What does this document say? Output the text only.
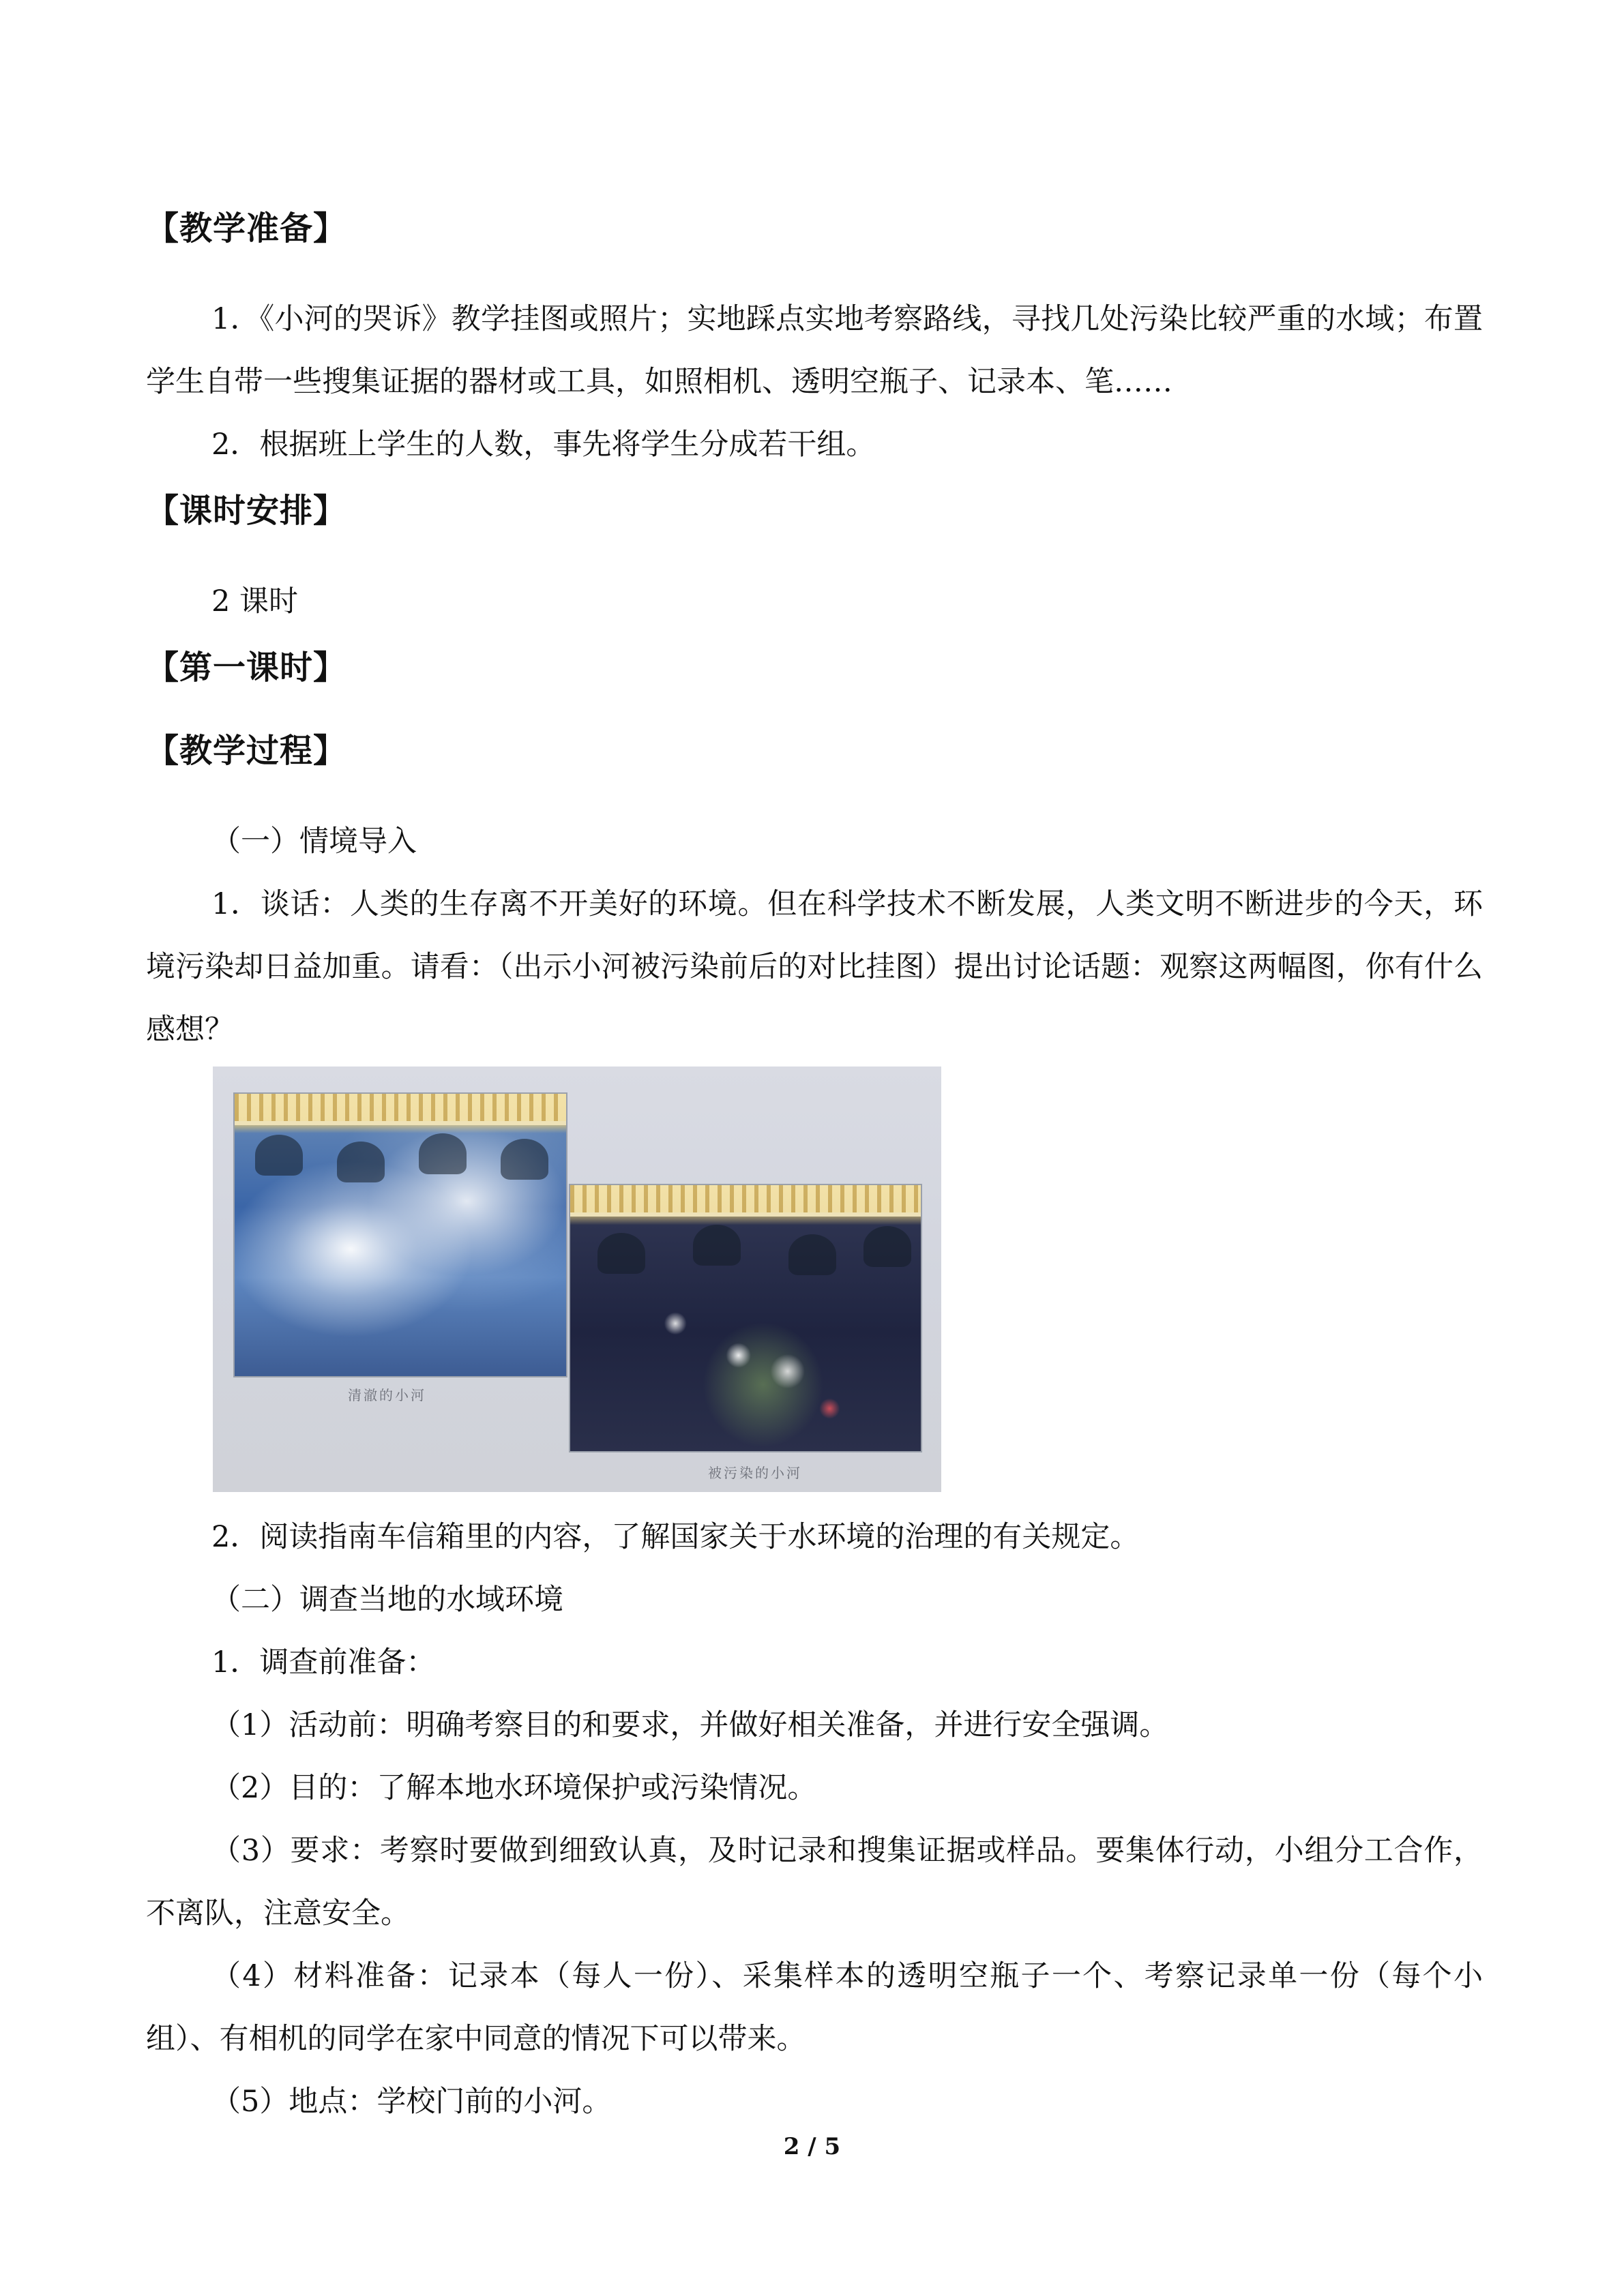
【教学准备】

1．《小河的哭诉》教学挂图或照片；实地踩点实地考察路线，寻找几处污染比较严重的水域；布置学生自带一些搜集证据的器材或工具，如照相机、透明空瓶子、记录本、笔……

2．根据班上学生的人数，事先将学生分成若干组。

【课时安排】

2 课时

【第一课时】
【教学过程】

（一）情境导入

1．谈话：人类的生存离不开美好的环境。但在科学技术不断发展，人类文明不断进步的今天，环境污染却日益加重。请看：（出示小河被污染前后的对比挂图）提出讨论话题：观察这两幅图，你有什么感想？

清澈的小河
被污染的小河

2．阅读指南车信箱里的内容，了解国家关于水环境的治理的有关规定。

（二）调查当地的水域环境

1．调查前准备：

（1）活动前：明确考察目的和要求，并做好相关准备，并进行安全强调。

（2）目的：了解本地水环境保护或污染情况。

（3）要求：考察时要做到细致认真，及时记录和搜集证据或样品。要集体行动，小组分工合作，不离队，注意安全。

（4）材料准备：记录本（每人一份）、采集样本的透明空瓶子一个、考察记录单一份（每个小组）、有相机的同学在家中同意的情况下可以带来。

（5）地点：学校门前的小河。

2 / 5
